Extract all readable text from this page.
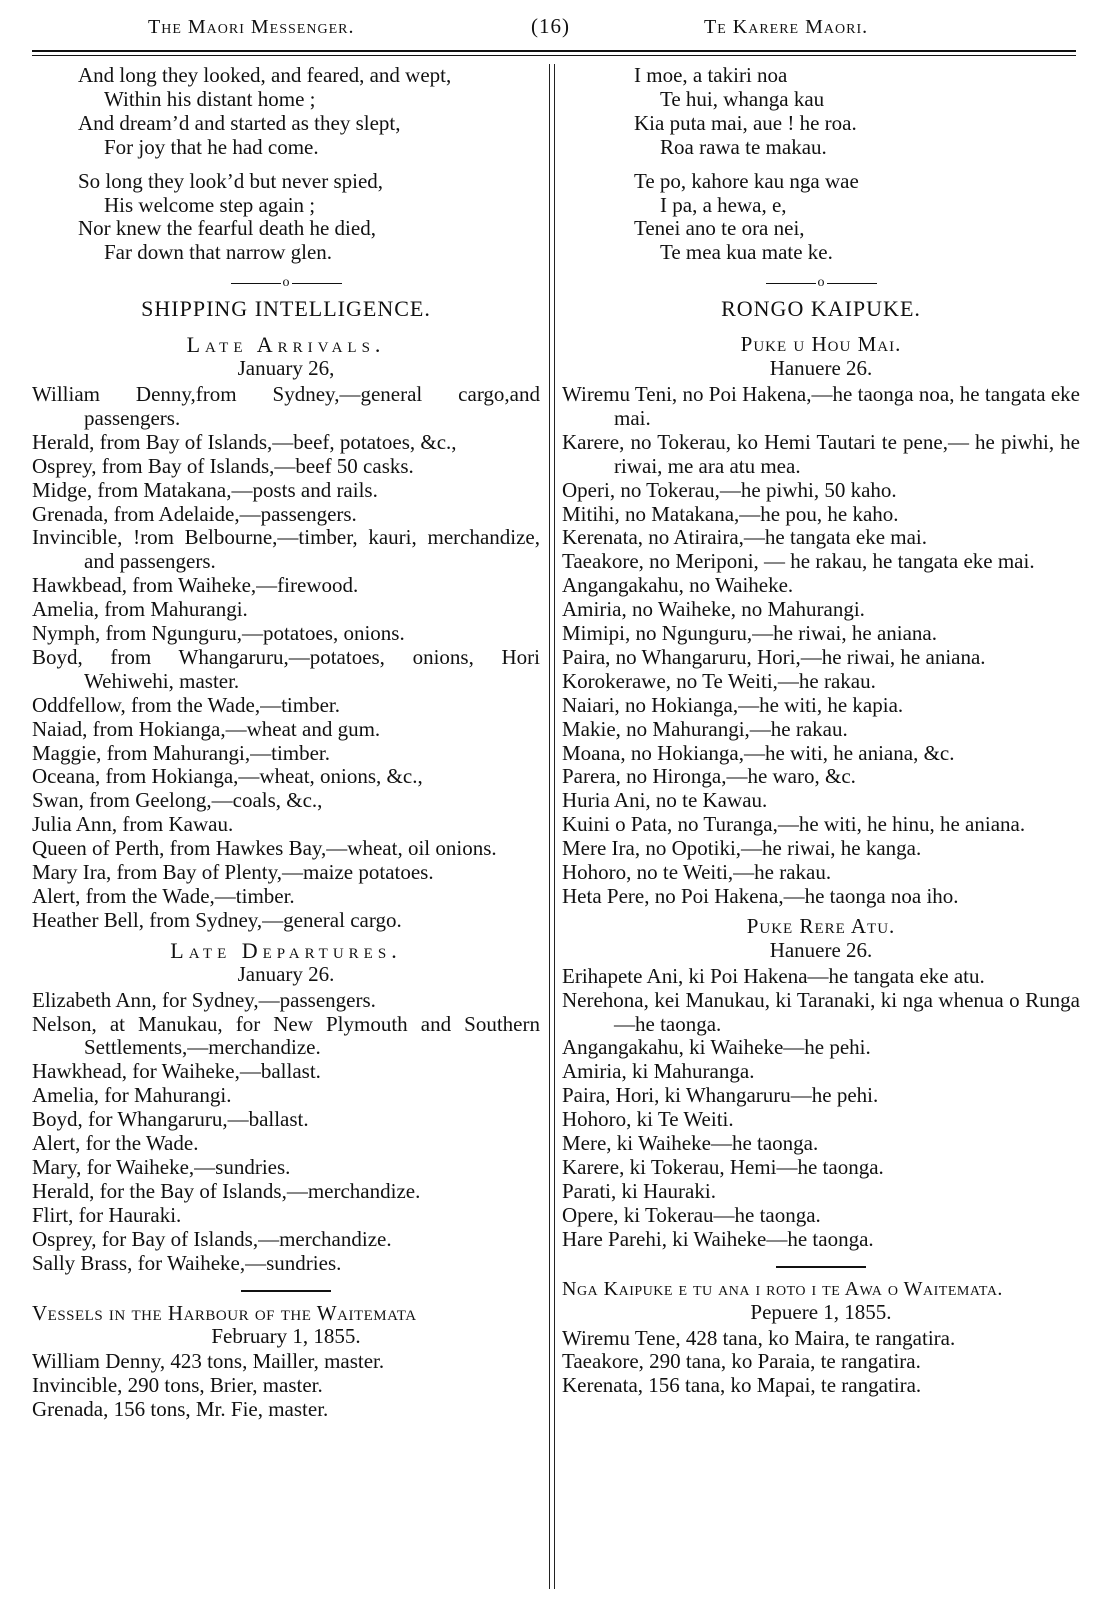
The Maori Messenger.	(16)	Te Karere Maori.
And long they looked, and feared, and wept,
Within his distant home ;
And dream’d and started as they slept,
For joy that he had come.
So long they look’d but never spied,
His welcome step again ;
Nor knew the fearful death he died,
Far down that narrow glen.
o
SHIPPING INTELLIGENCE.
Late Arrivals.
January 26,
William Denny,from Sydney,—general cargo,and passengers.
Herald, from Bay of Islands,—beef, potatoes, &c.,
Osprey, from Bay of Islands,—beef 50 casks.
Midge, from Matakana,—posts and rails.
Grenada, from Adelaide,—passengers.
Invincible, !rom Belbourne,—timber, kauri, merchandize, and passengers.
Hawkbead, from Waiheke,—firewood.
Amelia, from Mahurangi.
Nymph, from Ngunguru,—potatoes, onions.
Boyd, from Whangaruru,—potatoes, onions, Hori Wehiwehi, master.
Oddfellow, from the Wade,—timber.
Naiad, from Hokianga,—wheat and gum.
Maggie, from Mahurangi,—timber.
Oceana, from Hokianga,—wheat, onions, &c.,
Swan, from Geelong,—coals, &c.,
Julia Ann, from Kawau.
Queen of Perth, from Hawkes Bay,—wheat, oil onions.
Mary Ira, from Bay of Plenty,—maize potatoes.
Alert, from the Wade,—timber.
Heather Bell, from Sydney,—general cargo.
Late Departures.
January 26.
Elizabeth Ann, for Sydney,—passengers.
Nelson, at Manukau, for New Plymouth and Southern Settlements,—merchandize.
Hawkhead, for Waiheke,—ballast.
Amelia, for Mahurangi.
Boyd, for Whangaruru,—ballast.
Alert, for the Wade.
Mary, for Waiheke,—sundries.
Herald, for the Bay of Islands,—merchandize.
Flirt, for Hauraki.
Osprey, for Bay of Islands,—merchandize.
Sally Brass, for Waiheke,—sundries.
Vessels in the Harbour of the Waitemata
February 1, 1855.
William Denny, 423 tons, Mailler, master.
Invincible, 290 tons, Brier, master.
Grenada, 156 tons, Mr. Fie, master.
I moe, a takiri noa
Te hui, whanga kau
Kia puta mai, aue ! he roa.
Roa rawa te makau.
Te po, kahore kau nga wae
I pa, a hewa, e,
Tenei ano te ora nei,
Te mea kua mate ke.
o
RONGO KAIPUKE.
Puke u Hou Mai.
Hanuere 26.
Wiremu Teni, no Poi Hakena,—he taonga noa, he tangata eke mai.
Karere, no Tokerau, ko Hemi Tautari te pene,— he piwhi, he riwai, me ara atu mea.
Operi, no Tokerau,—he piwhi, 50 kaho.
Mitihi, no Matakana,—he pou, he kaho.
Kerenata, no Atiraira,—he tangata eke mai.
Taeakore, no Meriponi, — he rakau, he tangata eke mai.
Angangakahu, no Waiheke.
Amiria, no Waiheke, no Mahurangi.
Mimipi, no Ngunguru,—he riwai, he aniana.
Paira, no Whangaruru, Hori,—he riwai, he aniana.
Korokerawe, no Te Weiti,—he rakau.
Naiari, no Hokianga,—he witi, he kapia.
Makie, no Mahurangi,—he rakau.
Moana, no Hokianga,—he witi, he aniana, &c.
Parera, no Hironga,—he waro, &c.
Huria Ani, no te Kawau.
Kuini o Pata, no Turanga,—he witi, he hinu, he aniana.
Mere Ira, no Opotiki,—he riwai, he kanga.
Hohoro, no te Weiti,—he rakau.
Heta Pere, no Poi Hakena,—he taonga noa iho.
Puke Rere Atu.
Hanuere 26.
Erihapete Ani, ki Poi Hakena—he tangata eke atu.
Nerehona, kei Manukau, ki Taranaki, ki nga whenua o Runga—he taonga.
Angangakahu, ki Waiheke—he pehi.
Amiria, ki Mahuranga.
Paira, Hori, ki Whangaruru—he pehi.
Hohoro, ki Te Weiti.
Mere, ki Waiheke—he taonga.
Karere, ki Tokerau, Hemi—he taonga.
Parati, ki Hauraki.
Opere, ki Tokerau—he taonga.
Hare Parehi, ki Waiheke—he taonga.
Nga Kaipuke e tu ana i roto i te Awa o Waitemata.
Pepuere 1, 1855.
Wiremu Tene, 428 tana, ko Maira, te rangatira.
Taeakore, 290 tana, ko Paraia, te rangatira.
Kerenata, 156 tana, ko Mapai, te rangatira.
